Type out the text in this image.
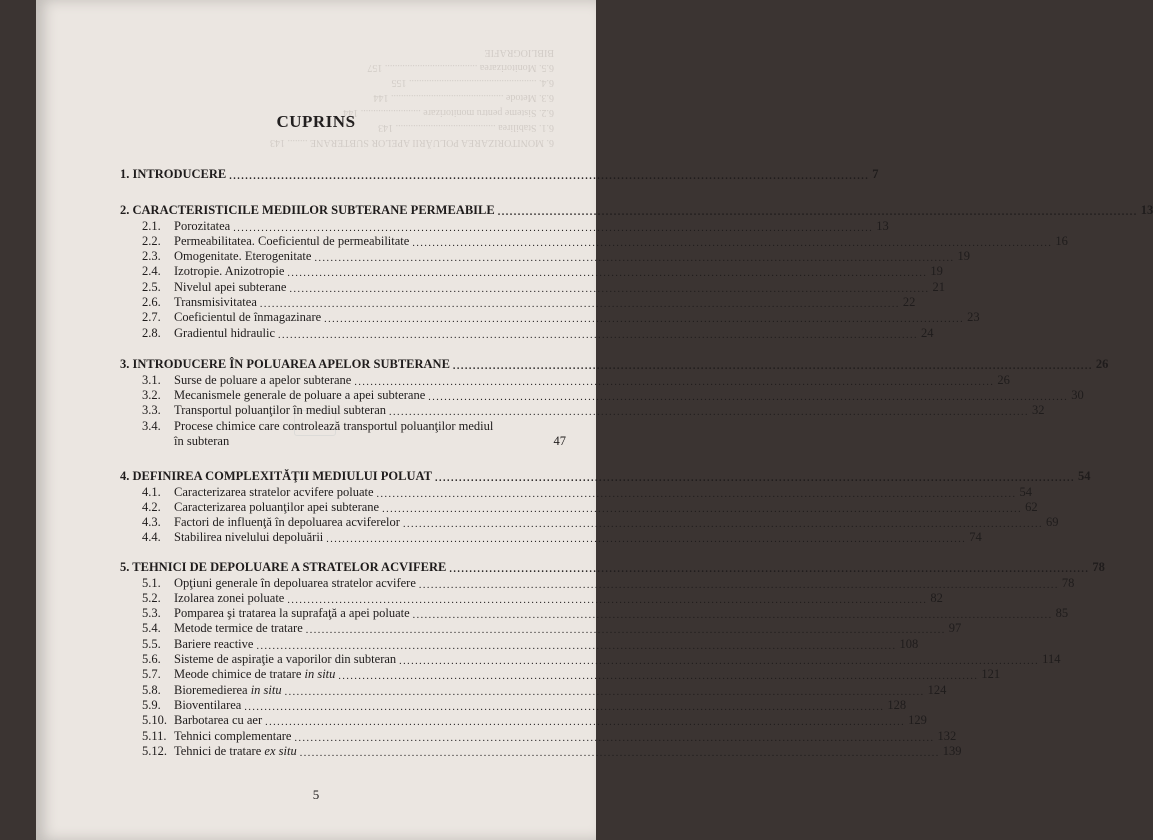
6. MONITORIZAREA POLUĂRII APELOR SUBTERANE ........ 143
6.1. Stabilirea ........................................ 143
6.2. Sisteme pentru monitorizare ........................ 144
6.3. Metode ............................................. 144
6.4. ................................................... 155
6.5. Monitorizarea ..................................... 157
BIBLIOGRAFIE
CUPRINS
5
1. INTRODUCERE ................................................................................................................................................................ 7
2. CARACTERISTICILE MEDIILOR SUBTERANE PERMEABILE ................................................................................................................................................................ 13
2.1. Porozitatea ................................................................................................................................................................ 13
2.2. Permeabilitatea. Coeficientul de permeabilitate ................................................................................................................................................................ 16
2.3. Omogenitate. Eterogenitate ................................................................................................................................................................ 19
2.4. Izotropie. Anizotropie ................................................................................................................................................................ 19
2.5. Nivelul apei subterane ................................................................................................................................................................ 21
2.6. Transmisivitatea ................................................................................................................................................................ 22
2.7. Coeficientul de înmagazinare ................................................................................................................................................................ 23
2.8. Gradientul hidraulic ................................................................................................................................................................ 24
3. INTRODUCERE ÎN POLUAREA APELOR SUBTERANE ................................................................................................................................................................ 26
3.1. Surse de poluare a apelor subterane ................................................................................................................................................................ 26
3.2. Mecanismele generale de poluare a apei subterane ................................................................................................................................................................ 30
3.3. Transportul poluanţilor în mediul subteran ................................................................................................................................................................ 32
3.4. Procese chimice care controlează transportul poluanţilor mediul
în subteran	47
4. DEFINIREA COMPLEXITĂŢII MEDIULUI POLUAT ................................................................................................................................................................ 54
4.1. Caracterizarea stratelor acvifere poluate ................................................................................................................................................................ 54
4.2. Caracterizarea poluanţilor apei subterane ................................................................................................................................................................ 62
4.3. Factori de influenţă în depoluarea acviferelor ................................................................................................................................................................ 69
4.4. Stabilirea nivelului depoluării ................................................................................................................................................................ 74
5. TEHNICI DE DEPOLUARE A STRATELOR ACVIFERE ................................................................................................................................................................ 78
5.1. Opţiuni generale în depoluarea stratelor acvifere ................................................................................................................................................................ 78
5.2. Izolarea zonei poluate ................................................................................................................................................................ 82
5.3. Pomparea şi tratarea la suprafaţă a apei poluate ................................................................................................................................................................ 85
5.4. Metode termice de tratare ................................................................................................................................................................ 97
5.5. Bariere reactive ................................................................................................................................................................ 108
5.6. Sisteme de aspiraţie a vaporilor din subteran ................................................................................................................................................................ 114
5.7. Meode chimice de tratare in situ ................................................................................................................................................................ 121
5.8. Bioremedierea in situ ................................................................................................................................................................ 124
5.9. Bioventilarea ................................................................................................................................................................ 128
5.10. Barbotarea cu aer ................................................................................................................................................................ 129
5.11. Tehnici complementare ................................................................................................................................................................ 132
5.12. Tehnici de tratare ex situ ................................................................................................................................................................ 139
